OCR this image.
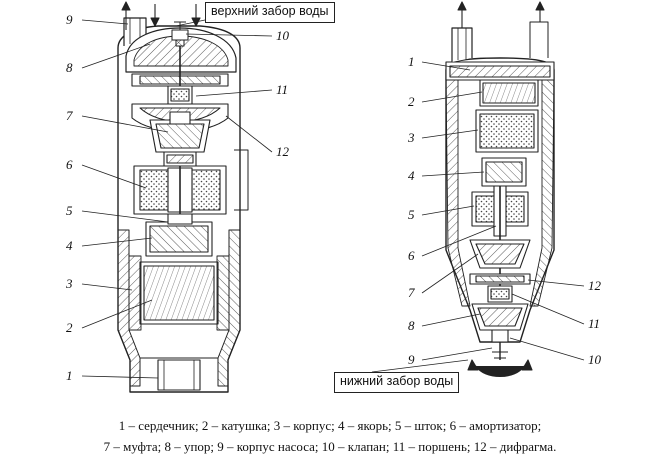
9
8
7
6
5
4
3
2
1
10
11
12
1
2
3
4
5
6
7
8
9
12
11
10
верхний забор воды
нижний забор воды
1 – сердечник; 2 – катушка; 3 – корпус; 4 – якорь; 5 – шток; 6 – амортизатор;
7 – муфта; 8 – упор; 9 – корпус насоса; 10 – клапан; 11 – поршень; 12 – дифрагма.
